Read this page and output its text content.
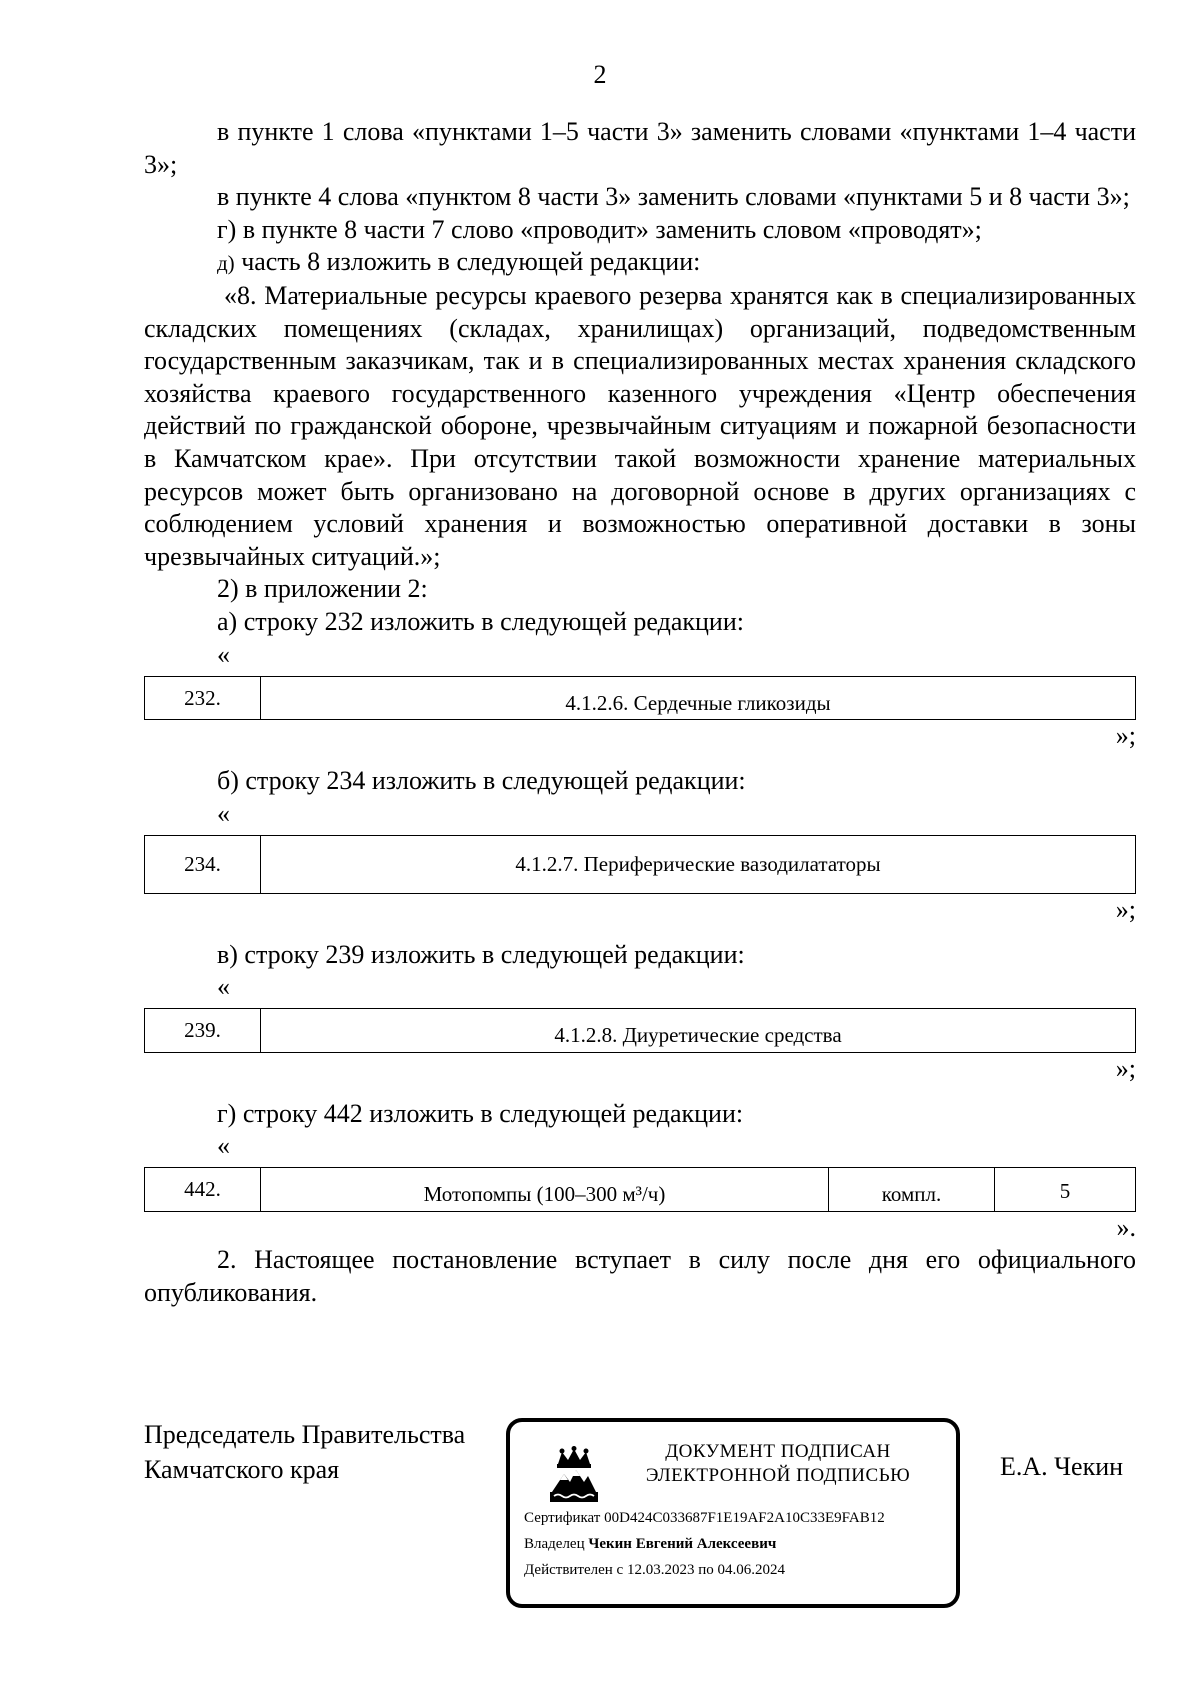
2

в пункте 1 слова «пунктами 1–5 части 3» заменить словами «пунктами 1–4 части 3»;

в пункте 4 слова «пунктом 8 части 3» заменить словами «пунктами 5 и 8 части 3»;

г) в пункте 8 части 7 слово «проводит» заменить словом «проводят»;

д) часть 8 изложить в следующей редакции:

«8. Материальные ресурсы краевого резерва хранятся как в специализированных складских помещениях (складах, хранилищах) организаций, подведомственным государственным заказчикам, так и в специализированных местах хранения складского хозяйства краевого государственного казенного учреждения «Центр обеспечения действий по гражданской обороне, чрезвычайным ситуациям и пожарной безопасности в Камчатском крае». При отсутствии такой возможности хранение материальных ресурсов может быть организовано на договорной основе в других организациях с соблюдением условий хранения и возможностью оперативной доставки в зоны чрезвычайных ситуаций.»;

2) в приложении 2:

а) строку 232 изложить в следующей редакции:

«

232.	4.1.2.6. Сердечные гликозиды

»;

б) строку 234 изложить в следующей редакции:

«

234.	4.1.2.7. Периферические вазодилататоры

»;

в) строку 239 изложить в следующей редакции:

«

239.	4.1.2.8. Диуретические средства

»;

г) строку 442 изложить в следующей редакции:

«

442.	Мотопомпы (100–300 м³/ч)	компл.	5

».

2. Настоящее постановление вступает в силу после дня его официального опубликования.

Председатель Правительства
Камчатского края
ДОКУМЕНТ ПОДПИСАН
ЭЛЕКТРОННОЙ ПОДПИСЬЮ
Сертификат 00D424C033687F1E19AF2A10C33E9FAB12
Владелец Чекин Евгений Алексеевич
Действителен с 12.03.2023 по 04.06.2024
Е.А. Чекин
